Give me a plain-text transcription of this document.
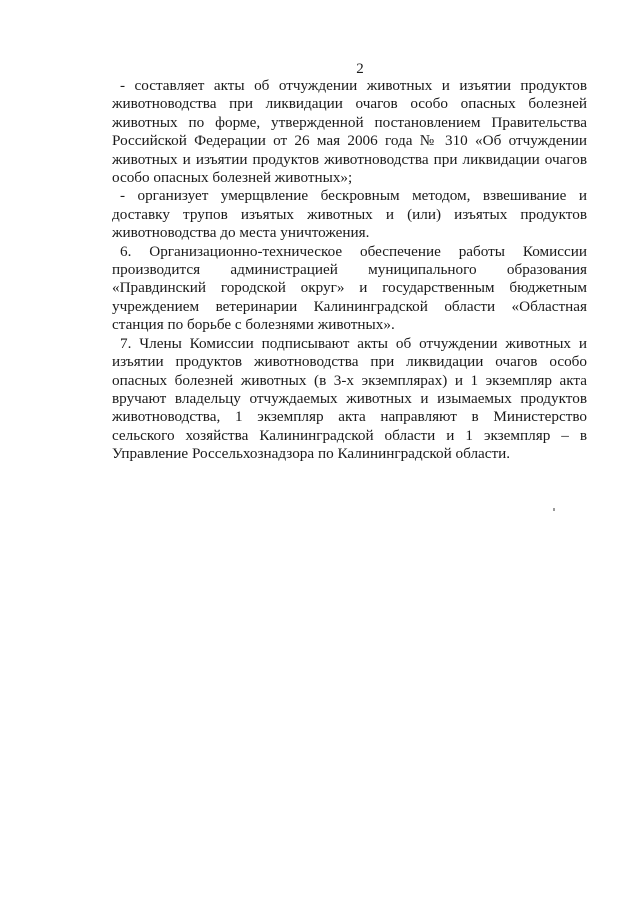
2

- составляет акты об отчуждении животных и изъятии продуктов животноводства при ликвидации очагов особо опасных болезней животных по форме, утвержденной постановлением Правительства Российской Федерации от 26 мая 2006 года № 310 «Об отчуждении животных и изъятии продуктов животноводства при ликвидации очагов особо опасных болезней животных»;

- организует умерщвление бескровным методом, взвешивание и доставку трупов изъятых животных и (или) изъятых продуктов животноводства до места уничтожения.

6. Организационно-техническое обеспечение работы Комиссии производится администрацией муниципального образования «Правдинский городской округ» и государственным бюджетным учреждением ветеринарии Калининградской области «Областная станция по борьбе с болезнями животных».

7. Члены Комиссии подписывают акты об отчуждении животных и изъятии продуктов животноводства при ликвидации очагов особо опасных болезней животных (в 3-х экземплярах) и 1 экземпляр акта вручают владельцу отчуждаемых животных и изымаемых продуктов животноводства, 1 экземпляр акта направляют в Министерство сельского хозяйства Калининградской области и 1 экземпляр – в Управление Россельхознадзора по Калининградской области.
